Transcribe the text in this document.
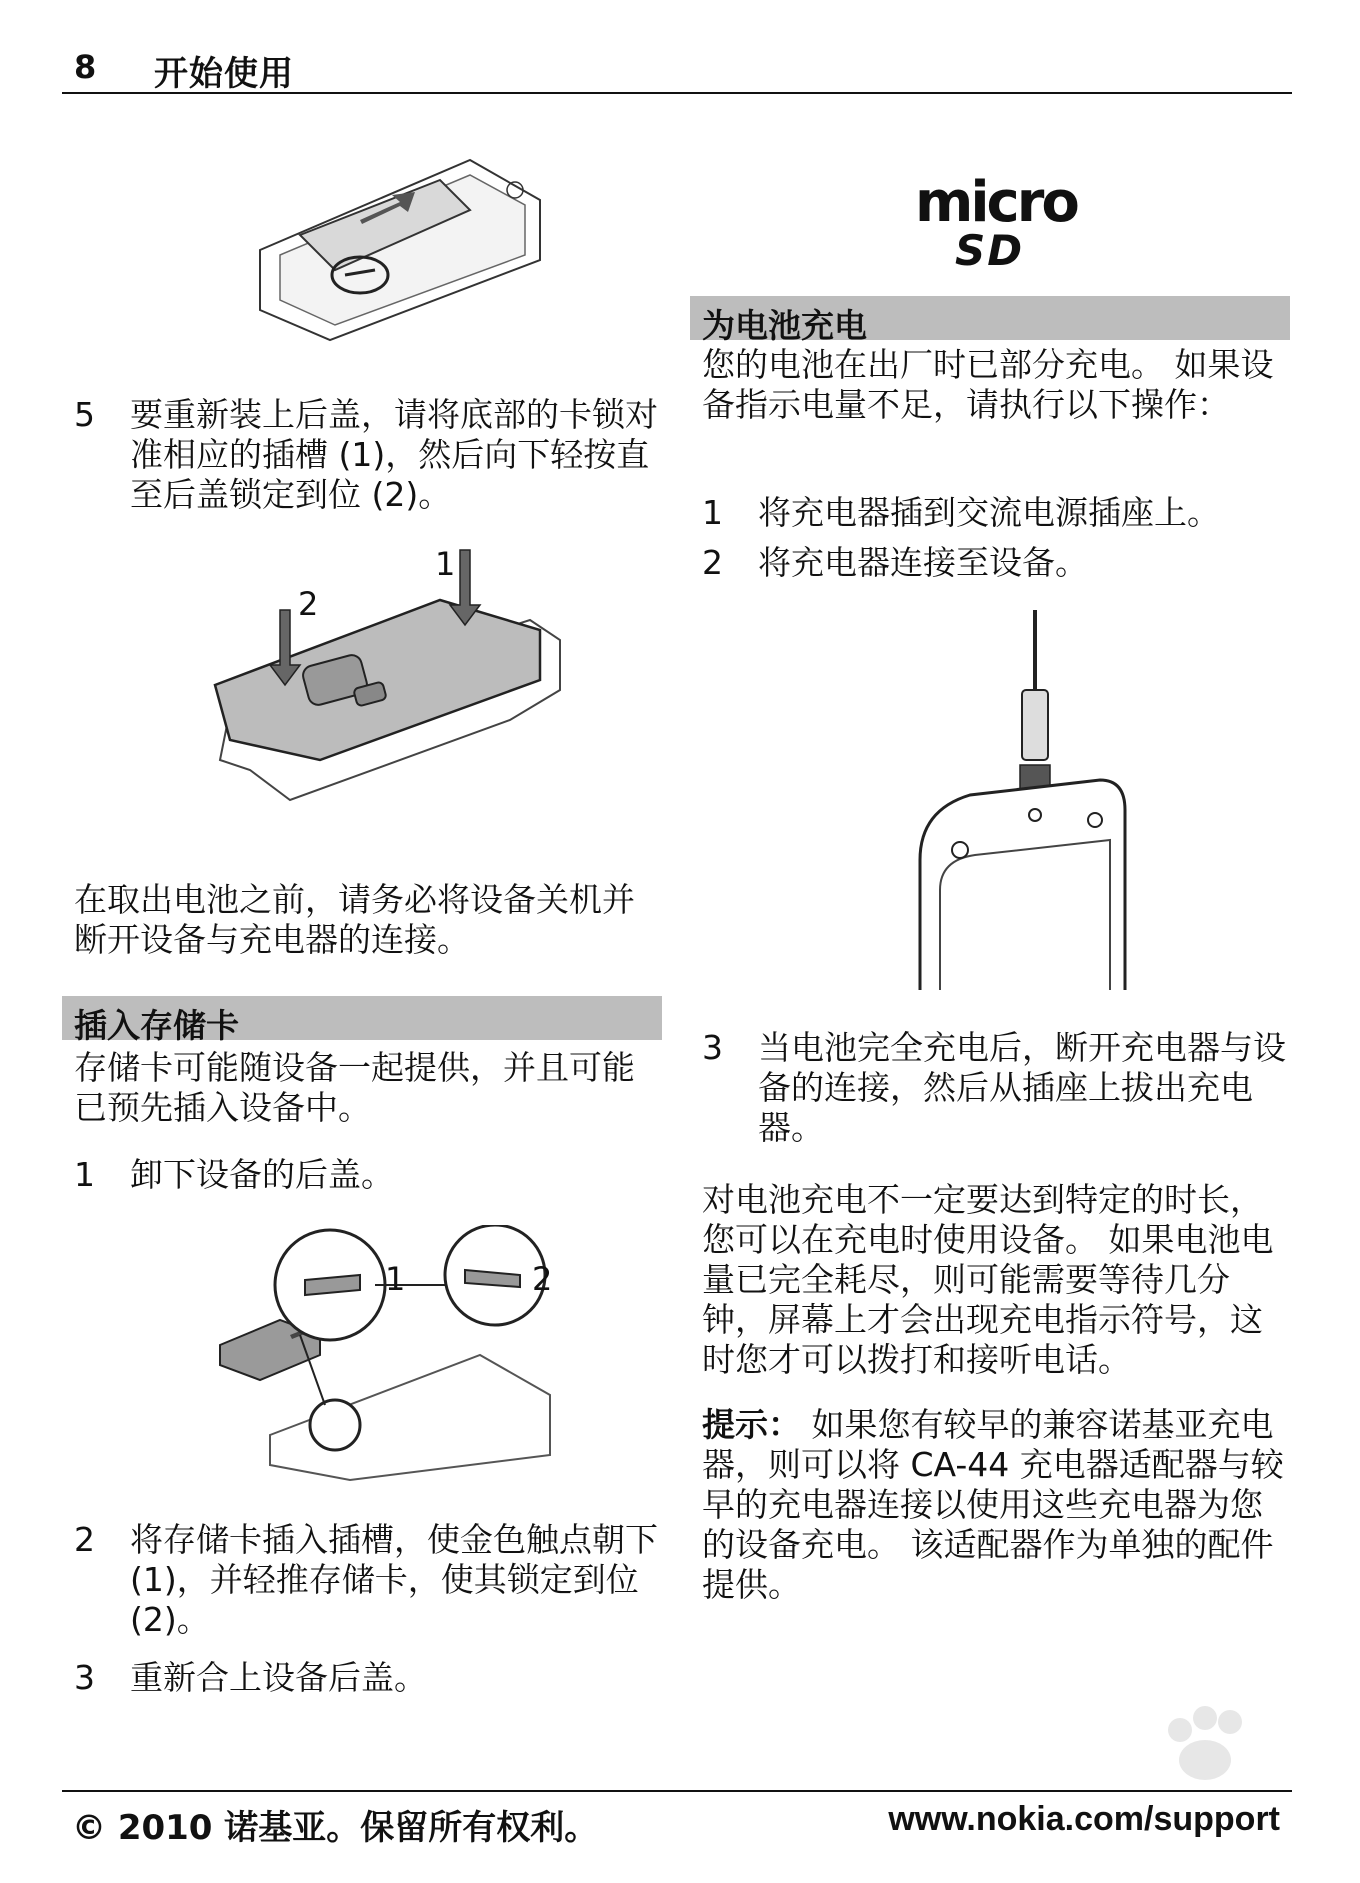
8 开始使用
5	要重新装上后盖，请将底部的卡锁对准相应的插槽 (1)，然后向下轻按直至后盖锁定到位 (2)。
1
2
在取出电池之前，请务必将设备关机并断开设备与充电器的连接。
插入存储卡
存储卡可能随设备一起提供，并且可能已预先插入设备中。
1	卸下设备的后盖。
1	2
2	将存储卡插入插槽，使金色触点朝下 (1)，并轻推存储卡，使其锁定到位 (2)。
3	重新合上设备后盖。
micro
SD
为电池充电
您的电池在出厂时已部分充电。 如果设备指示电量不足，请执行以下操作：
1	将充电器插到交流电源插座上。
2	将充电器连接至设备。
3	当电池完全充电后，断开充电器与设备的连接，然后从插座上拔出充电器。
对电池充电不一定要达到特定的时长，您可以在充电时使用设备。 如果电池电量已完全耗尽，则可能需要等待几分钟，屏幕上才会出现充电指示符号，这时您才可以拨打和接听电话。
提示： 如果您有较早的兼容诺基亚充电器，则可以将 CA-44 充电器适配器与较早的充电器连接以使用这些充电器为您的设备充电。 该适配器作为单独的配件提供。
© 2010 诺基亚。保留所有权利。	www.nokia.com/support
